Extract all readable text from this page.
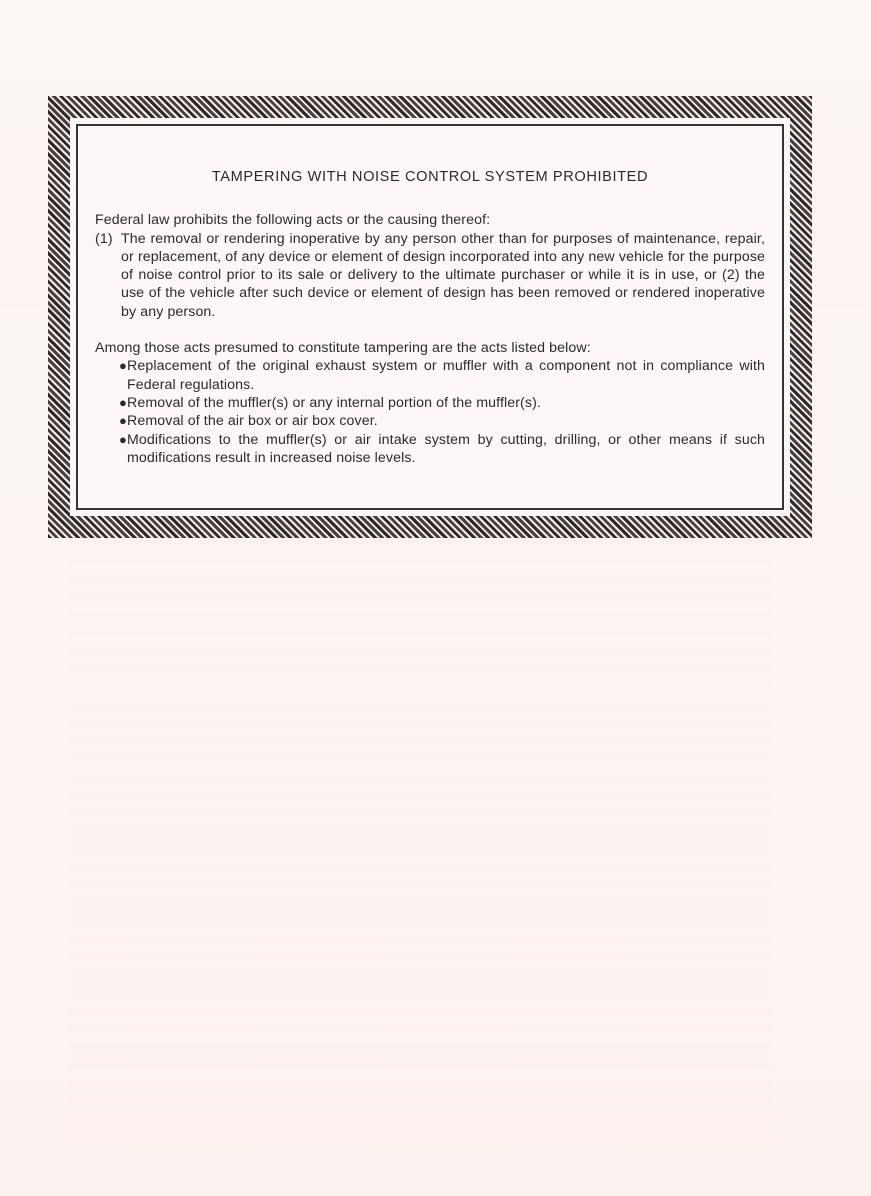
TAMPERING WITH NOISE CONTROL SYSTEM PROHIBITED

Federal law prohibits the following acts or the causing thereof:

(1) The removal or rendering inoperative by any person other than for purposes of maintenance, repair, or replacement, of any device or element of design incorporated into any new vehicle for the purpose of noise control prior to its sale or delivery to the ultimate purchaser or while it is in use, or (2) the use of the vehicle after such device or element of design has been removed or rendered inoperative by any person.

Among those acts presumed to constitute tampering are the acts listed below:

● Replacement of the original exhaust system or muffler with a component not in compliance with Federal regulations.
● Removal of the muffler(s) or any internal portion of the muffler(s).
● Removal of the air box or air box cover.
● Modifications to the muffler(s) or air intake system by cutting, drilling, or other means if such modifications result in increased noise levels.
